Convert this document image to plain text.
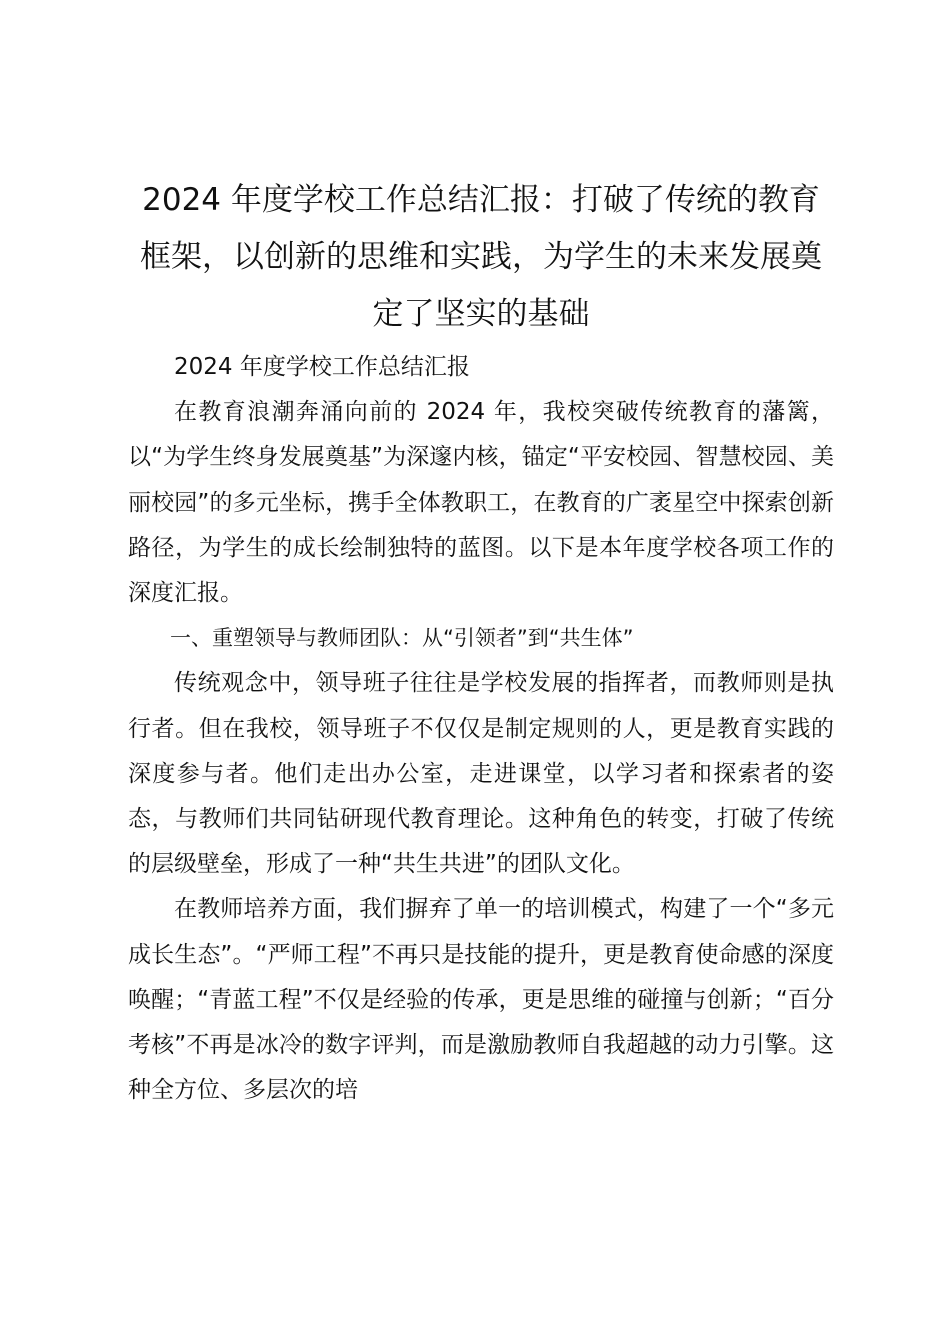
2024 年度学校工作总结汇报：打破了传统的教育框架，以创新的思维和实践，为学生的未来发展奠定了坚实的基础

2024 年度学校工作总结汇报

在教育浪潮奔涌向前的 2024 年，我校突破传统教育的藩篱，以“为学生终身发展奠基”为深邃内核，锚定“平安校园、智慧校园、美丽校园”的多元坐标，携手全体教职工，在教育的广袤星空中探索创新路径，为学生的成长绘制独特的蓝图。以下是本年度学校各项工作的深度汇报。

一、重塑领导与教师团队：从“引领者”到“共生体”

传统观念中，领导班子往往是学校发展的指挥者，而教师则是执行者。但在我校，领导班子不仅仅是制定规则的人，更是教育实践的深度参与者。他们走出办公室，走进课堂，以学习者和探索者的姿态，与教师们共同钻研现代教育理论。这种角色的转变，打破了传统的层级壁垒，形成了一种“共生共进”的团队文化。

在教师培养方面，我们摒弃了单一的培训模式，构建了一个“多元成长生态”。“严师工程”不再只是技能的提升，更是教育使命感的深度唤醒；“青蓝工程”不仅是经验的传承，更是思维的碰撞与创新；“百分考核”不再是冰冷的数字评判，而是激励教师自我超越的动力引擎。这种全方位、多层次的培
